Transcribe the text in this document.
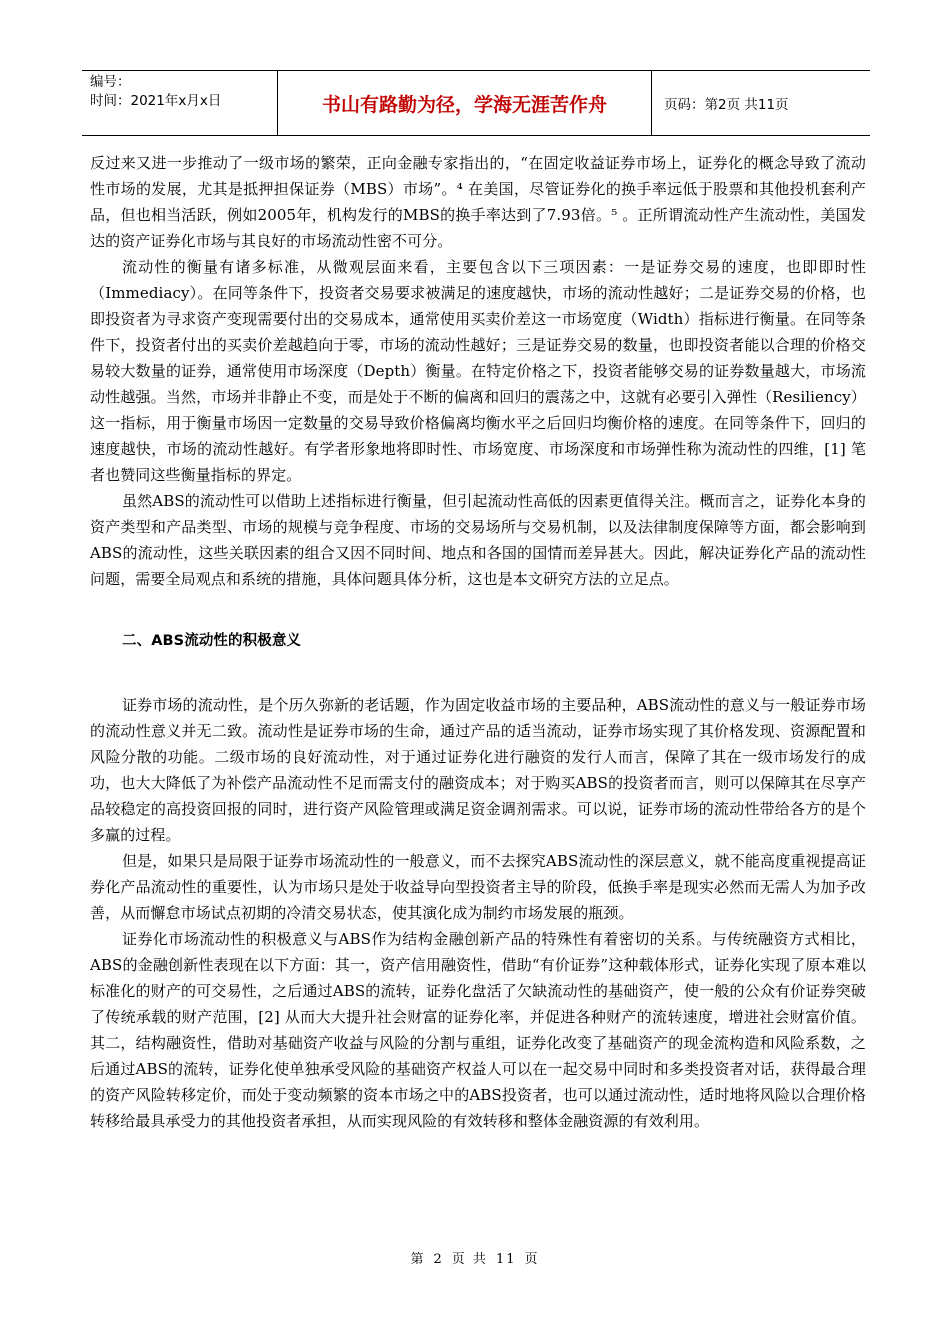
编号：
时间：2021年x月x日	书山有路勤为径，学海无涯苦作舟	页码：第2页 共11页

反过来又进一步推动了一级市场的繁荣，正向金融专家指出的，“在固定收益证券市场上，证券化的概念导致了流动性市场的发展，尤其是抵押担保证券（MBS）市场”。⁴ 在美国，尽管证券化的换手率远低于股票和其他投机套利产品，但也相当活跃，例如2005年，机构发行的MBS的换手率达到了7.93倍。⁵ 。正所谓流动性产生流动性，美国发达的资产证券化市场与其良好的市场流动性密不可分。

流动性的衡量有诸多标准，从微观层面来看，主要包含以下三项因素：一是证券交易的速度，也即即时性（Immediacy）。在同等条件下，投资者交易要求被满足的速度越快，市场的流动性越好；二是证券交易的价格，也即投资者为寻求资产变现需要付出的交易成本，通常使用买卖价差这一市场宽度（Width）指标进行衡量。在同等条件下，投资者付出的买卖价差越趋向于零，市场的流动性越好；三是证券交易的数量，也即投资者能以合理的价格交易较大数量的证券，通常使用市场深度（Depth）衡量。在特定价格之下，投资者能够交易的证券数量越大，市场流动性越强。当然，市场并非静止不变，而是处于不断的偏离和回归的震荡之中，这就有必要引入弹性（Resiliency）这一指标，用于衡量市场因一定数量的交易导致价格偏离均衡水平之后回归均衡价格的速度。在同等条件下，回归的速度越快，市场的流动性越好。有学者形象地将即时性、市场宽度、市场深度和市场弹性称为流动性的四维，[1] 笔者也赞同这些衡量指标的界定。

虽然ABS的流动性可以借助上述指标进行衡量，但引起流动性高低的因素更值得关注。概而言之，证券化本身的资产类型和产品类型、市场的规模与竞争程度、市场的交易场所与交易机制，以及法律制度保障等方面，都会影响到ABS的流动性，这些关联因素的组合又因不同时间、地点和各国的国情而差异甚大。因此，解决证券化产品的流动性问题，需要全局观点和系统的措施，具体问题具体分析，这也是本文研究方法的立足点。

二、ABS流动性的积极意义

证券市场的流动性，是个历久弥新的老话题，作为固定收益市场的主要品种，ABS流动性的意义与一般证券市场的流动性意义并无二致。流动性是证券市场的生命，通过产品的适当流动，证券市场实现了其价格发现、资源配置和风险分散的功能。二级市场的良好流动性，对于通过证券化进行融资的发行人而言，保障了其在一级市场发行的成功，也大大降低了为补偿产品流动性不足而需支付的融资成本；对于购买ABS的投资者而言，则可以保障其在尽享产品较稳定的高投资回报的同时，进行资产风险管理或满足资金调剂需求。可以说，证券市场的流动性带给各方的是个多赢的过程。

但是，如果只是局限于证券市场流动性的一般意义，而不去探究ABS流动性的深层意义，就不能高度重视提高证券化产品流动性的重要性，认为市场只是处于收益导向型投资者主导的阶段，低换手率是现实必然而无需人为加予改善，从而懈怠市场试点初期的冷清交易状态，使其演化成为制约市场发展的瓶颈。

证券化市场流动性的积极意义与ABS作为结构金融创新产品的特殊性有着密切的关系。与传统融资方式相比，ABS的金融创新性表现在以下方面：其一，资产信用融资性，借助“有价证券”这种载体形式，证券化实现了原本难以标准化的财产的可交易性，之后通过ABS的流转，证券化盘活了欠缺流动性的基础资产，使一般的公众有价证券突破了传统承载的财产范围，[2] 从而大大提升社会财富的证券化率，并促进各种财产的流转速度，增进社会财富价值。其二，结构融资性，借助对基础资产收益与风险的分割与重组，证券化改变了基础资产的现金流构造和风险系数，之后通过ABS的流转，证券化使单独承受风险的基础资产权益人可以在一起交易中同时和多类投资者对话，获得最合理的资产风险转移定价，而处于变动频繁的资本市场之中的ABS投资者，也可以通过流动性，适时地将风险以合理价格转移给最具承受力的其他投资者承担，从而实现风险的有效转移和整体金融资源的有效利用。

第 2 页 共 11 页
